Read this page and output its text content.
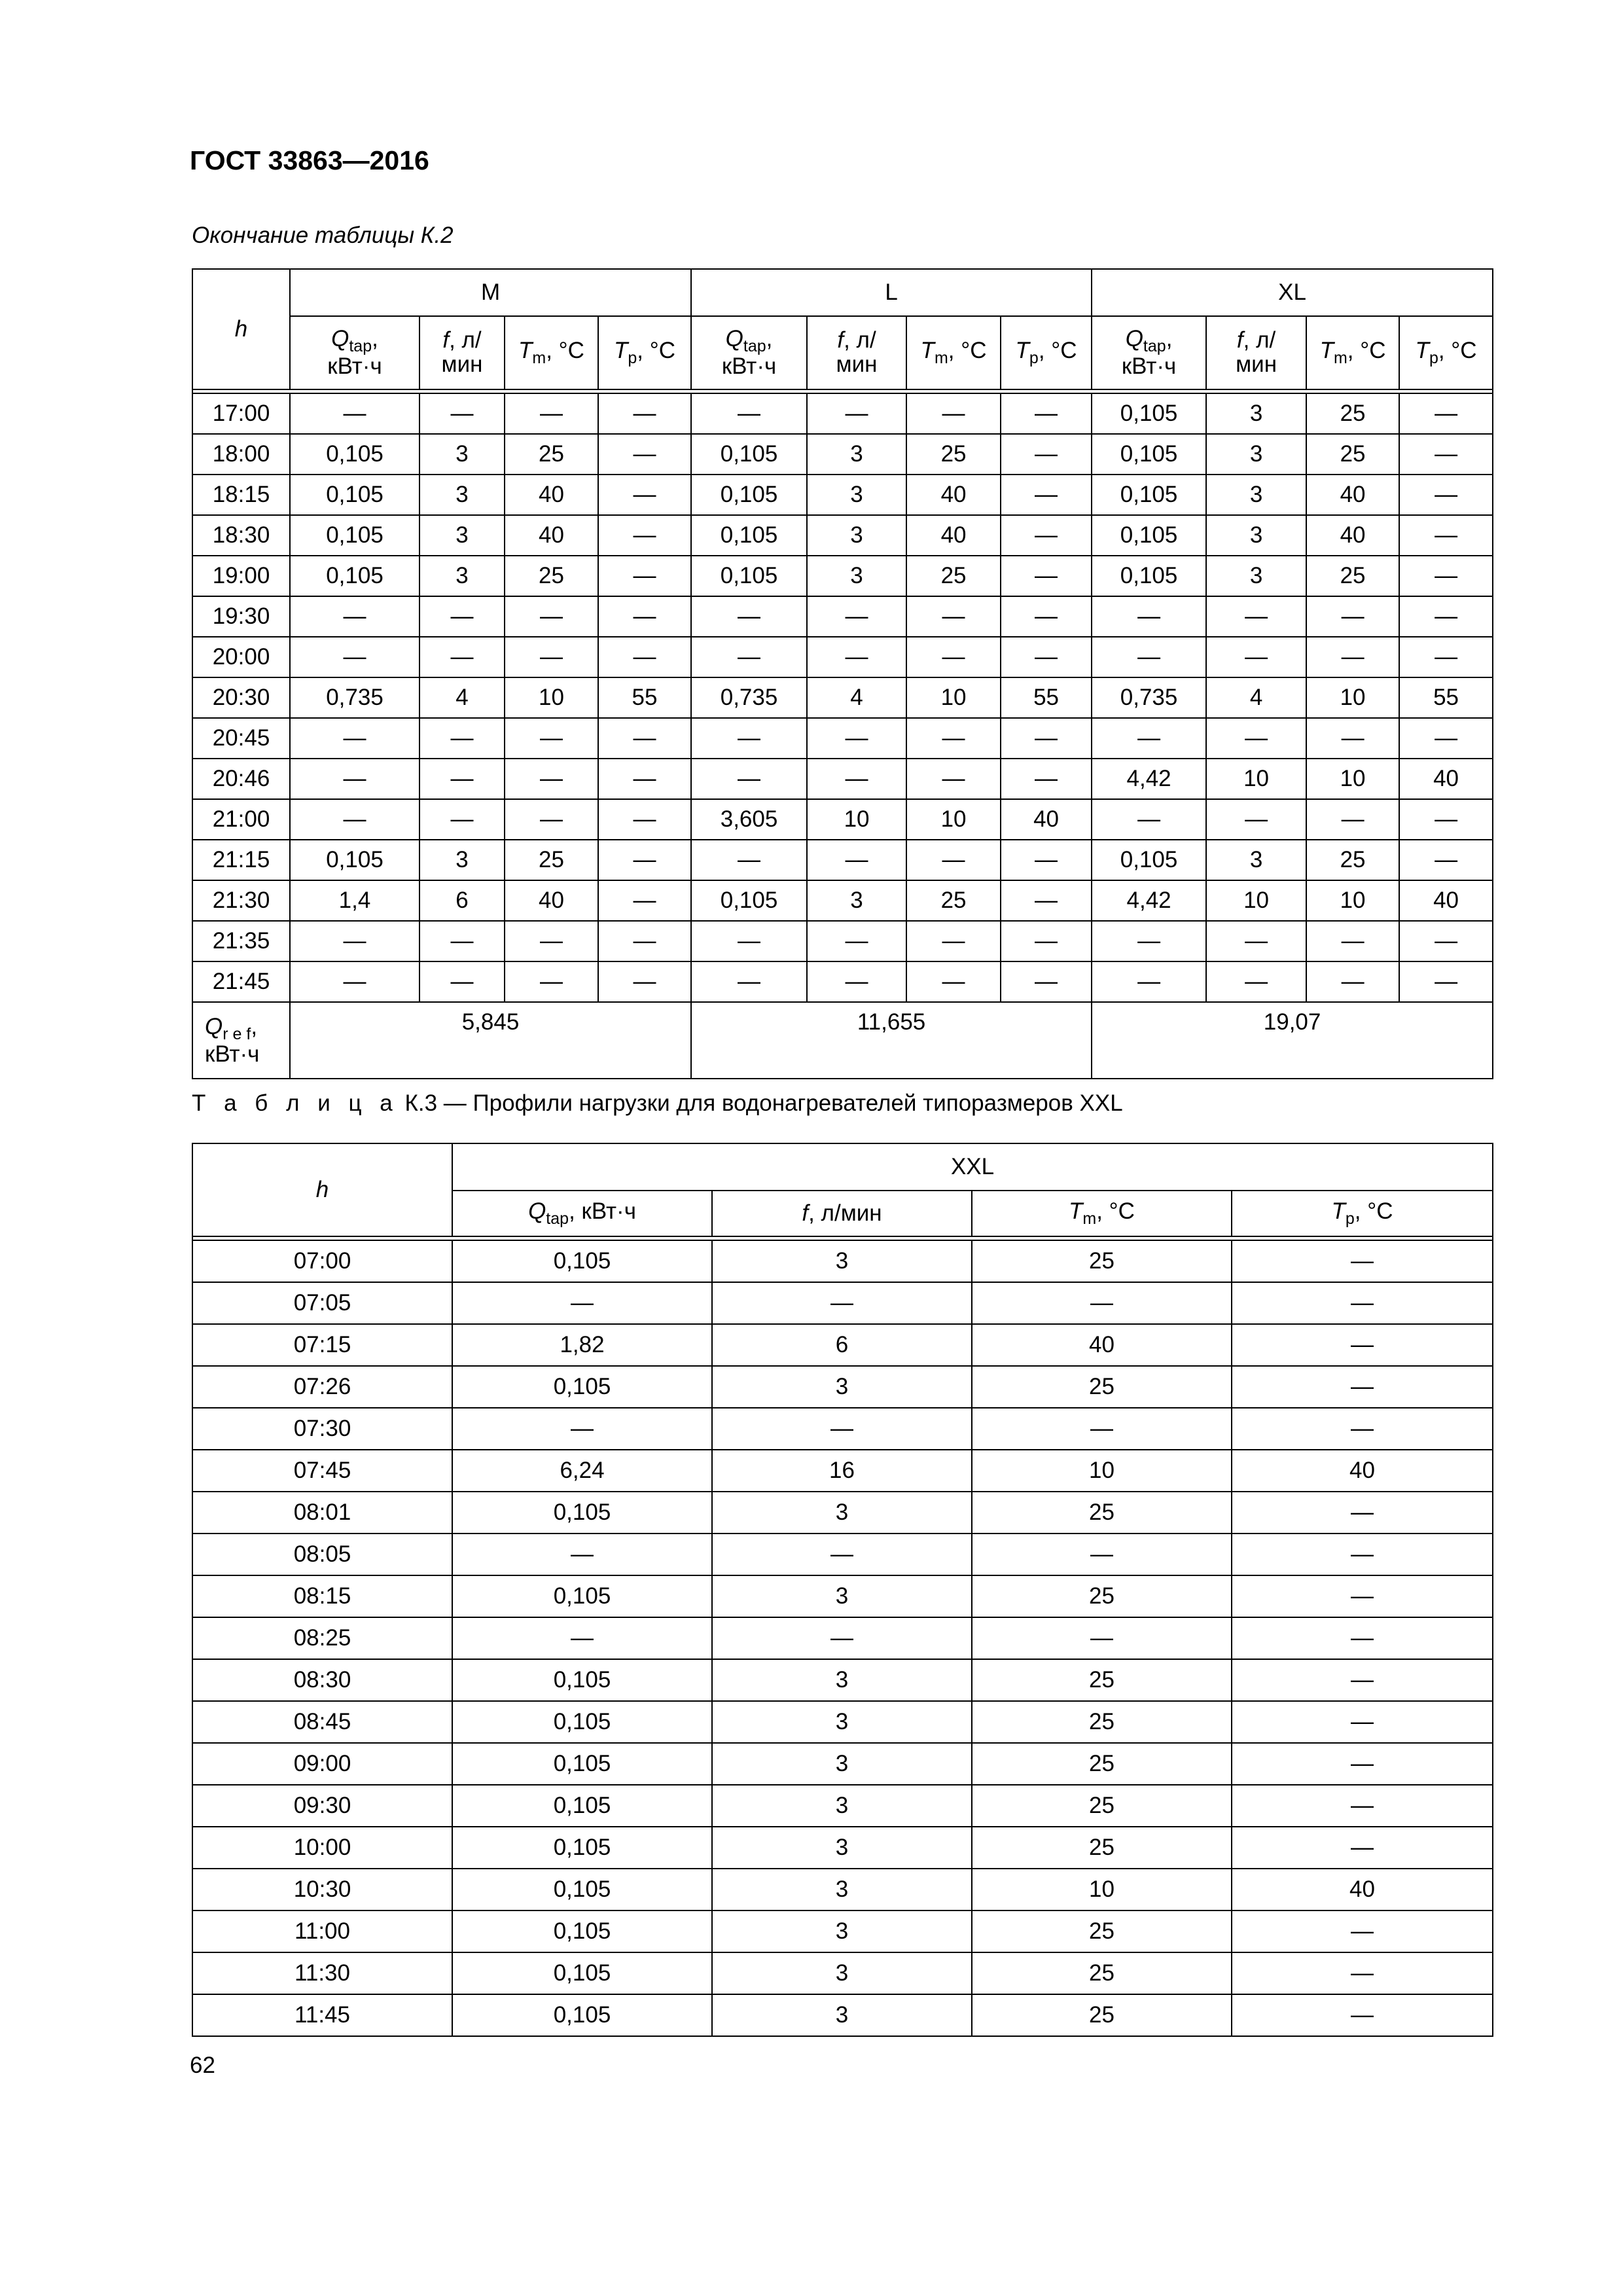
ГОСТ 33863—2016
Окончание таблицы К.2
h	M				L				XL			
	$Q_{tap}$, кВт·ч	f, л/мин	$T_m$, °С	$T_p$, °С	$Q_{tap}$, кВт·ч	f, л/мин	$T_m$, °С	$T_p$, °С	$Q_{tap}$, кВт·ч	f, л/мин	$T_m$, °С	$T_p$, °С

17:00	—	—	—	—	—	—	—	—	0,105	3	25	—
18:00	0,105	3	25	—	0,105	3	25	—	0,105	3	25	—
18:15	0,105	3	40	—	0,105	3	40	—	0,105	3	40	—
18:30	0,105	3	40	—	0,105	3	40	—	0,105	3	40	—
19:00	0,105	3	25	—	0,105	3	25	—	0,105	3	25	—
19:30	—	—	—	—	—	—	—	—	—	—	—	—
20:00	—	—	—	—	—	—	—	—	—	—	—	—
20:30	0,735	4	10	55	0,735	4	10	55	0,735	4	10	55
20:45	—	—	—	—	—	—	—	—	—	—	—	—
20:46	—	—	—	—	—	—	—	—	4,42	10	10	40
21:00	—	—	—	—	3,605	10	10	40	—	—	—	—
21:15	0,105	3	25	—	—	—	—	—	0,105	3	25	—
21:30	1,4	6	40	—	0,105	3	25	—	4,42	10	10	40
21:35	—	—	—	—	—	—	—	—	—	—	—	—
21:45	—	—	—	—	—	—	—	—	—	—	—	—
$Q_{r e f}$,
кВт·ч	5,845				11,655				19,07			
Т а б л и ц а К.3 — Профили нагрузки для водонагревателей типоразмеров XXL
h	XXL			
	$Q_{tap}$, кВт·ч	f, л/мин	$T_m$, °С	$T_p$, °С

07:00	0,105	3	25	—
07:05	—	—	—	—
07:15	1,82	6	40	—
07:26	0,105	3	25	—
07:30	—	—	—	—
07:45	6,24	16	10	40
08:01	0,105	3	25	—
08:05	—	—	—	—
08:15	0,105	3	25	—
08:25	—	—	—	—
08:30	0,105	3	25	—
08:45	0,105	3	25	—
09:00	0,105	3	25	—
09:30	0,105	3	25	—
10:00	0,105	3	25	—
10:30	0,105	3	10	40
11:00	0,105	3	25	—
11:30	0,105	3	25	—
11:45	0,105	3	25	—
62
